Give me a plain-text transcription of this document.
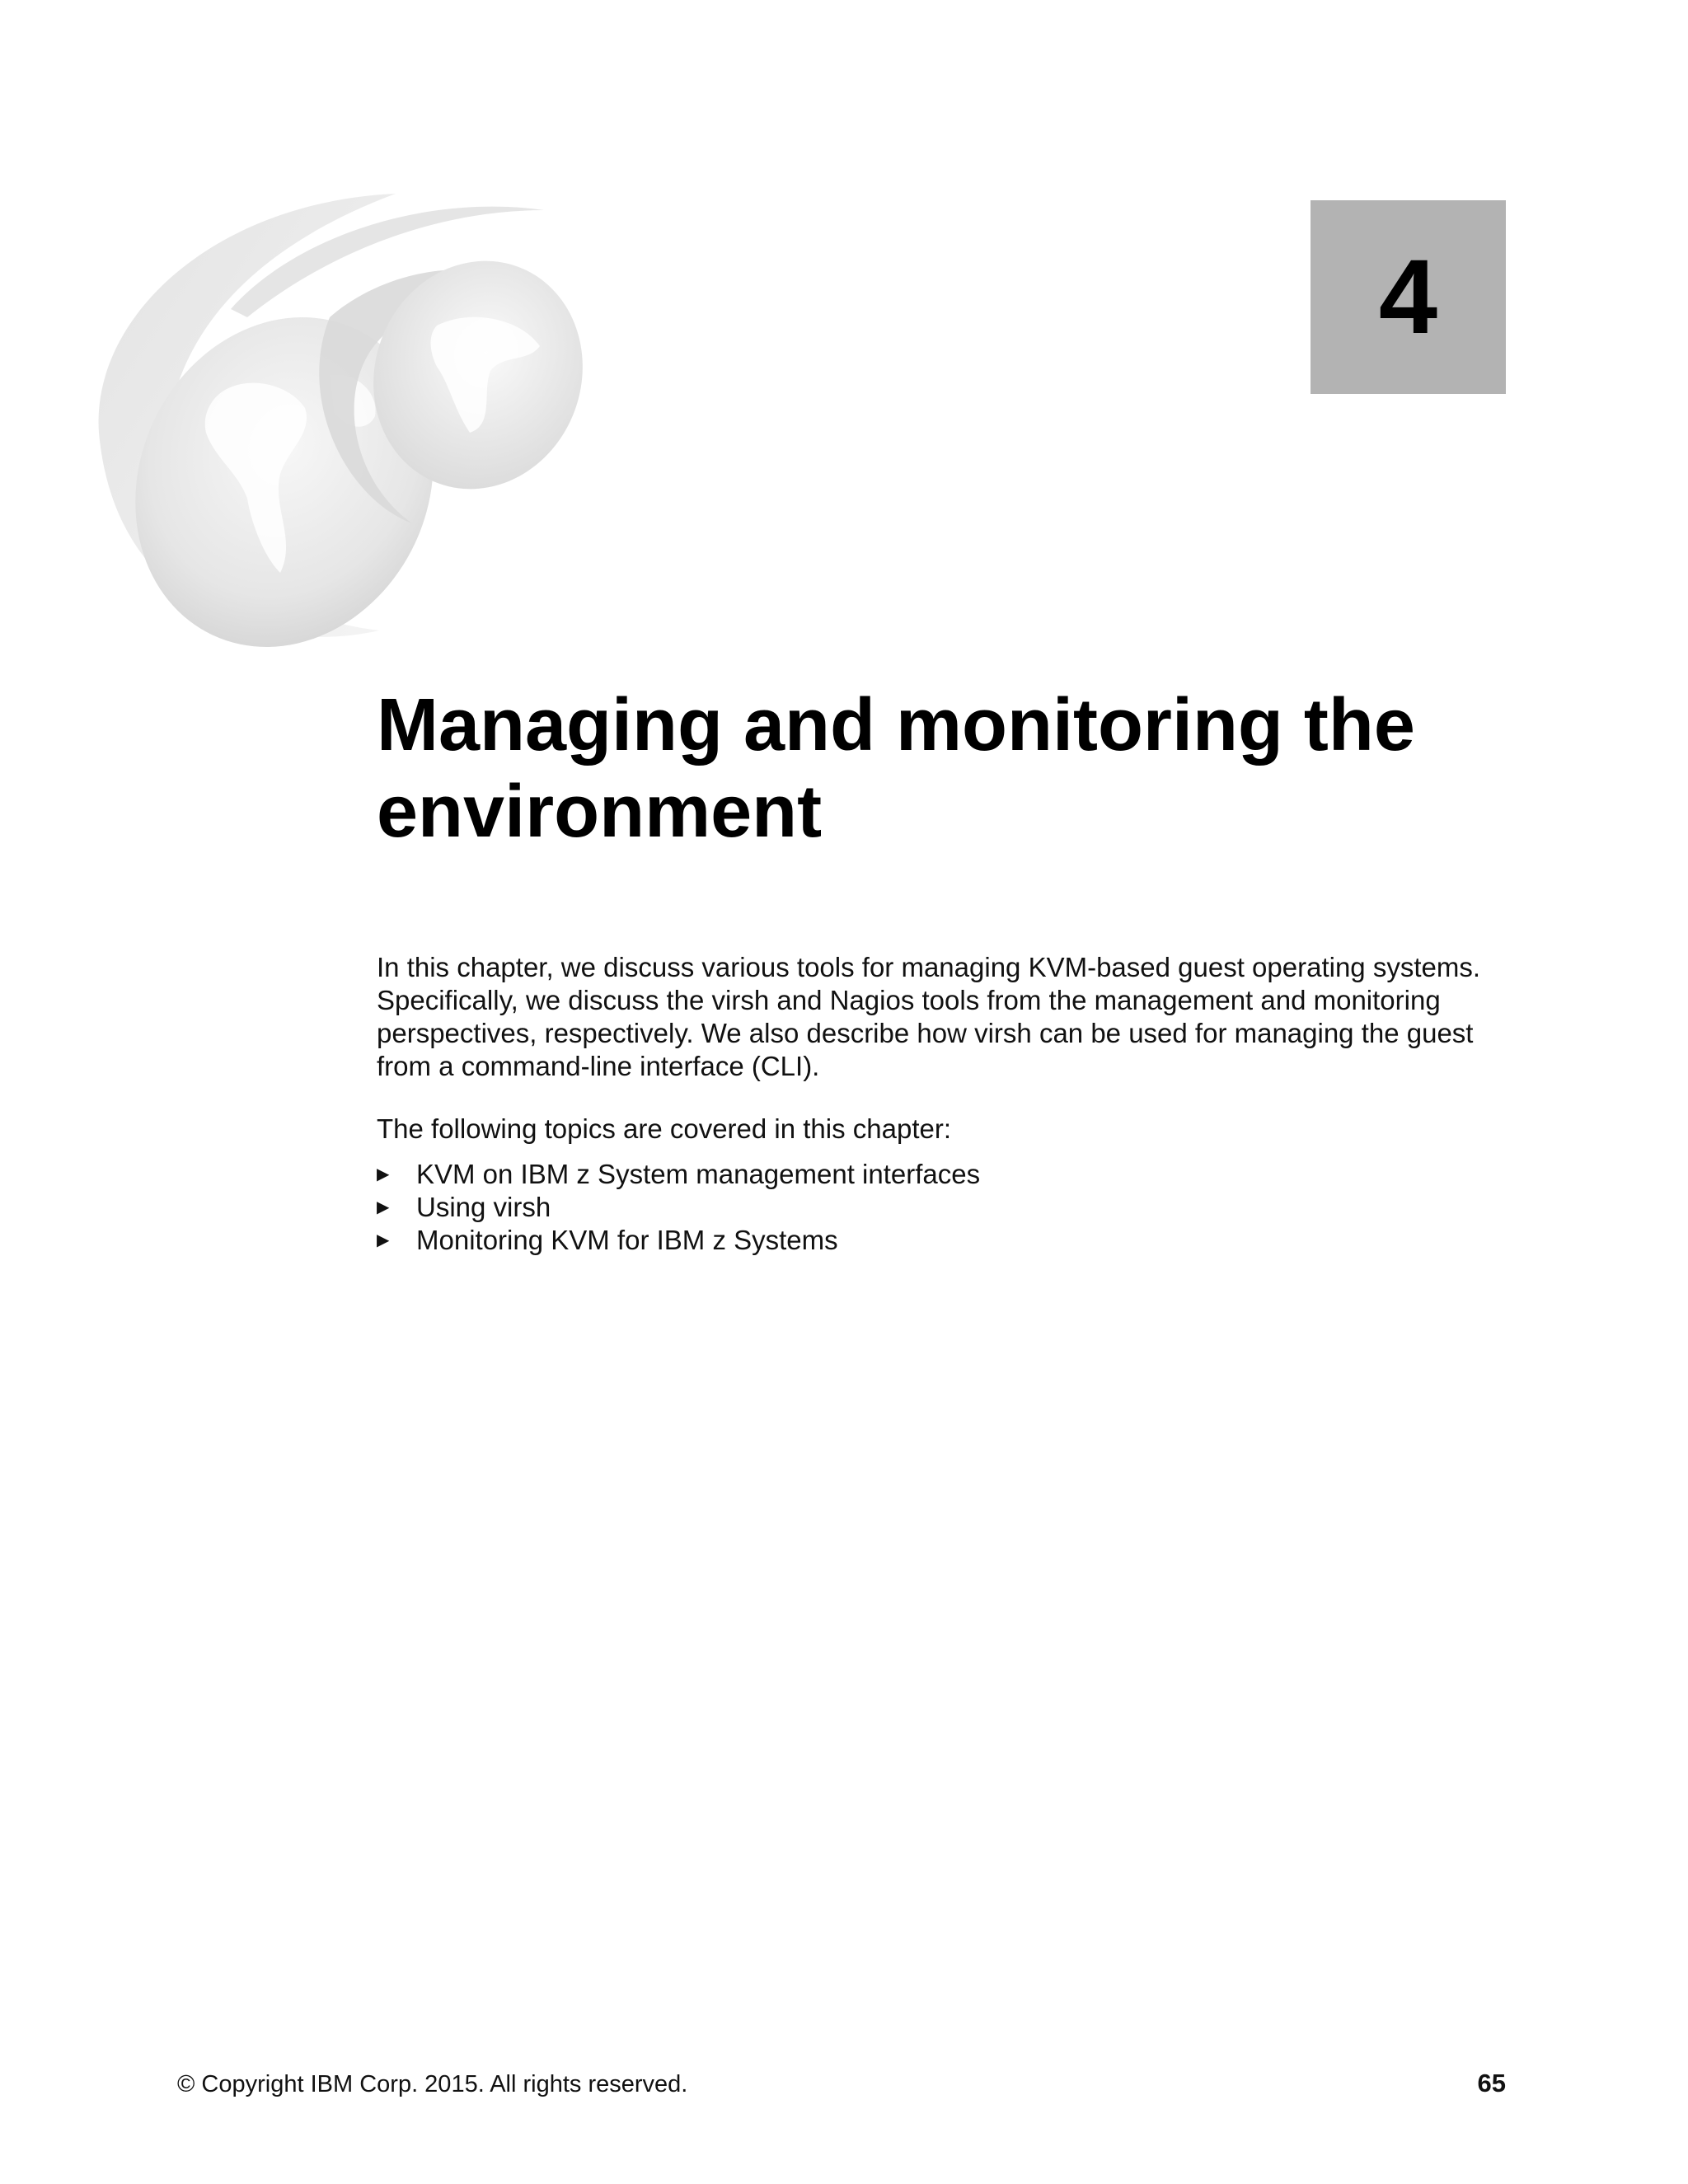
4
Managing and monitoring the environment

In this chapter, we discuss various tools for managing KVM-based guest operating systems. Specifically, we discuss the virsh and Nagios tools from the management and monitoring perspectives, respectively. We also describe how virsh can be used for managing the guest from a command-line interface (CLI).

The following topics are covered in this chapter:

▶ KVM on IBM z System management interfaces
▶ Using virsh
▶ Monitoring KVM for IBM z Systems
© Copyright IBM Corp. 2015. All rights reserved.	65
